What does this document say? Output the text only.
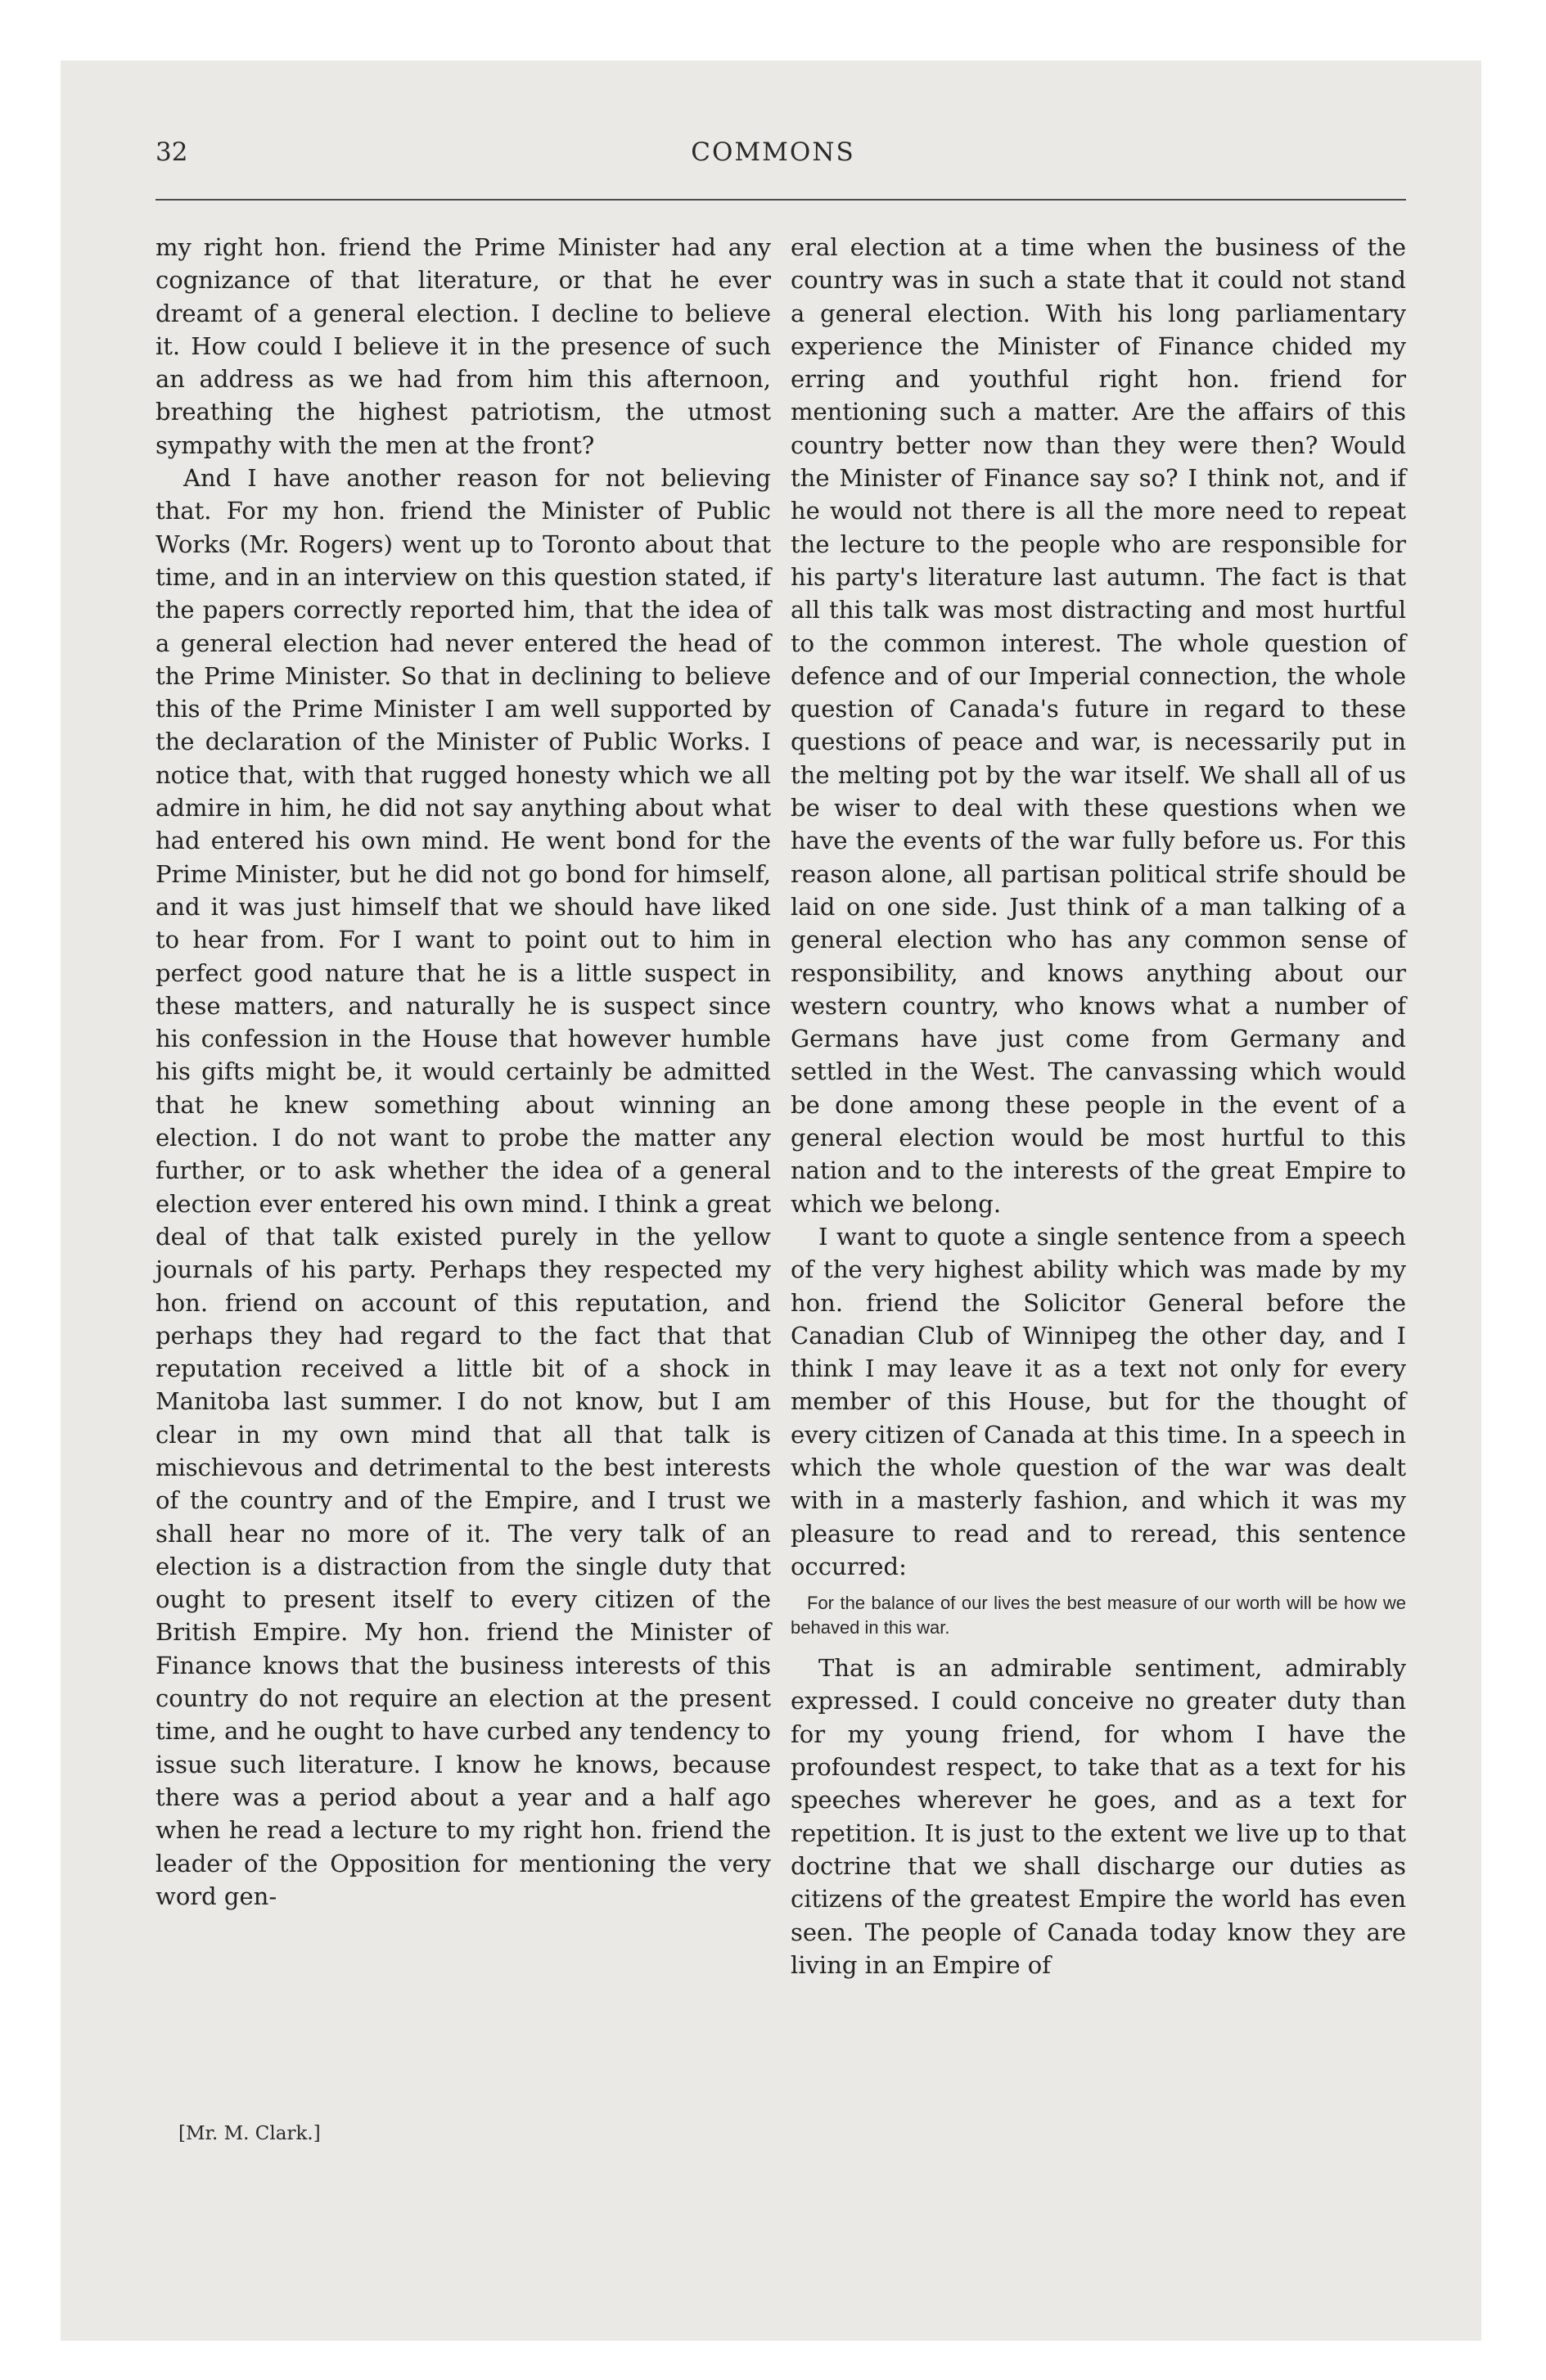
32	COMMONS

my right hon. friend the Prime Minister had any cognizance of that literature, or that he ever dreamt of a general election. I decline to believe it. How could I believe it in the presence of such an address as we had from him this afternoon, breathing the highest patriotism, the utmost sympathy with the men at the front?

And I have another reason for not believing that. For my hon. friend the Minister of Public Works (Mr. Rogers) went up to Toronto about that time, and in an interview on this question stated, if the papers correctly reported him, that the idea of a general election had never entered the head of the Prime Minister. So that in declining to believe this of the Prime Minister I am well supported by the declaration of the Minister of Public Works. I notice that, with that rugged honesty which we all admire in him, he did not say anything about what had entered his own mind. He went bond for the Prime Minister, but he did not go bond for himself, and it was just himself that we should have liked to hear from. For I want to point out to him in perfect good nature that he is a little suspect in these matters, and naturally he is suspect since his confession in the House that however humble his gifts might be, it would certainly be admitted that he knew something about winning an election. I do not want to probe the matter any further, or to ask whether the idea of a general election ever entered his own mind. I think a great deal of that talk existed purely in the yellow journals of his party. Perhaps they respected my hon. friend on account of this reputation, and perhaps they had regard to the fact that that reputation received a little bit of a shock in Manitoba last summer. I do not know, but I am clear in my own mind that all that talk is mischievous and detrimental to the best interests of the country and of the Empire, and I trust we shall hear no more of it. The very talk of an election is a distraction from the single duty that ought to present itself to every citizen of the British Empire. My hon. friend the Minister of Finance knows that the business interests of this country do not require an election at the present time, and he ought to have curbed any tendency to issue such literature. I know he knows, because there was a period about a year and a half ago when he read a lecture to my right hon. friend the leader of the Opposition for mentioning the very word gen-

[Mr. M. Clark.]

eral election at a time when the business of the country was in such a state that it could not stand a general election. With his long parliamentary experience the Minister of Finance chided my erring and youthful right hon. friend for mentioning such a matter. Are the affairs of this country better now than they were then? Would the Minister of Finance say so? I think not, and if he would not there is all the more need to repeat the lecture to the people who are responsible for his party's literature last autumn. The fact is that all this talk was most distracting and most hurtful to the common interest. The whole question of defence and of our Imperial connection, the whole question of Canada's future in regard to these questions of peace and war, is necessarily put in the melting pot by the war itself. We shall all of us be wiser to deal with these questions when we have the events of the war fully before us. For this reason alone, all partisan political strife should be laid on one side. Just think of a man talking of a general election who has any common sense of responsibility, and knows anything about our western country, who knows what a number of Germans have just come from Germany and settled in the West. The canvassing which would be done among these people in the event of a general election would be most hurtful to this nation and to the interests of the great Empire to which we belong.

I want to quote a single sentence from a speech of the very highest ability which was made by my hon. friend the Solicitor General before the Canadian Club of Winnipeg the other day, and I think I may leave it as a text not only for every member of this House, but for the thought of every citizen of Canada at this time. In a speech in which the whole question of the war was dealt with in a masterly fashion, and which it was my pleasure to read and to reread, this sentence occurred:

For the balance of our lives the best measure of our worth will be how we behaved in this war.

That is an admirable sentiment, admirably expressed. I could conceive no greater duty than for my young friend, for whom I have the profoundest respect, to take that as a text for his speeches wherever he goes, and as a text for repetition. It is just to the extent we live up to that doctrine that we shall discharge our duties as citizens of the greatest Empire the world has even seen. The people of Canada today know they are living in an Empire of
